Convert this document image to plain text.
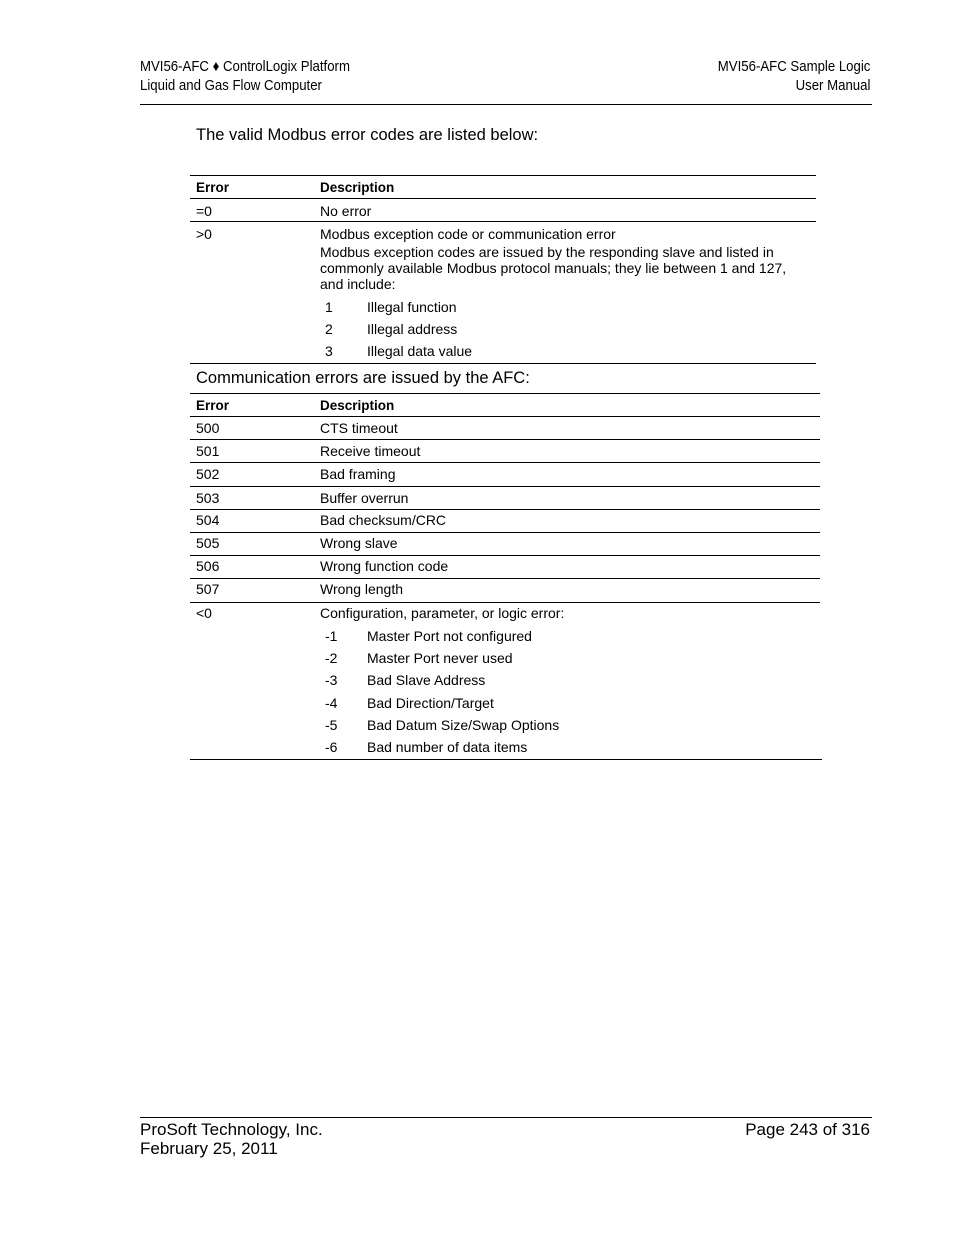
MVI56-AFC ♦ ControlLogix Platform
Liquid and Gas Flow Computer
MVI56-AFC Sample Logic
User Manual
The valid Modbus error codes are listed below:
Error	Description
=0	No error
>0	Modbus exception code or communication error
Modbus exception codes are issued by the responding slave and listed in
commonly available Modbus protocol manuals; they lie between 1 and 127,
and include:
1 Illegal function
2 Illegal address
3 Illegal data value
Communication errors are issued by the AFC:
Error	Description
500	CTS timeout
501	Receive timeout
502	Bad framing
503	Buffer overrun
504	Bad checksum/CRC
505	Wrong slave
506	Wrong function code
507	Wrong length
<0	Configuration, parameter, or logic error:
-1 Master Port not configured
-2 Master Port never used
-3 Bad Slave Address
-4 Bad Direction/Target
-5 Bad Datum Size/Swap Options
-6 Bad number of data items
ProSoft Technology, Inc.
February 25, 2011
Page 243 of 316
